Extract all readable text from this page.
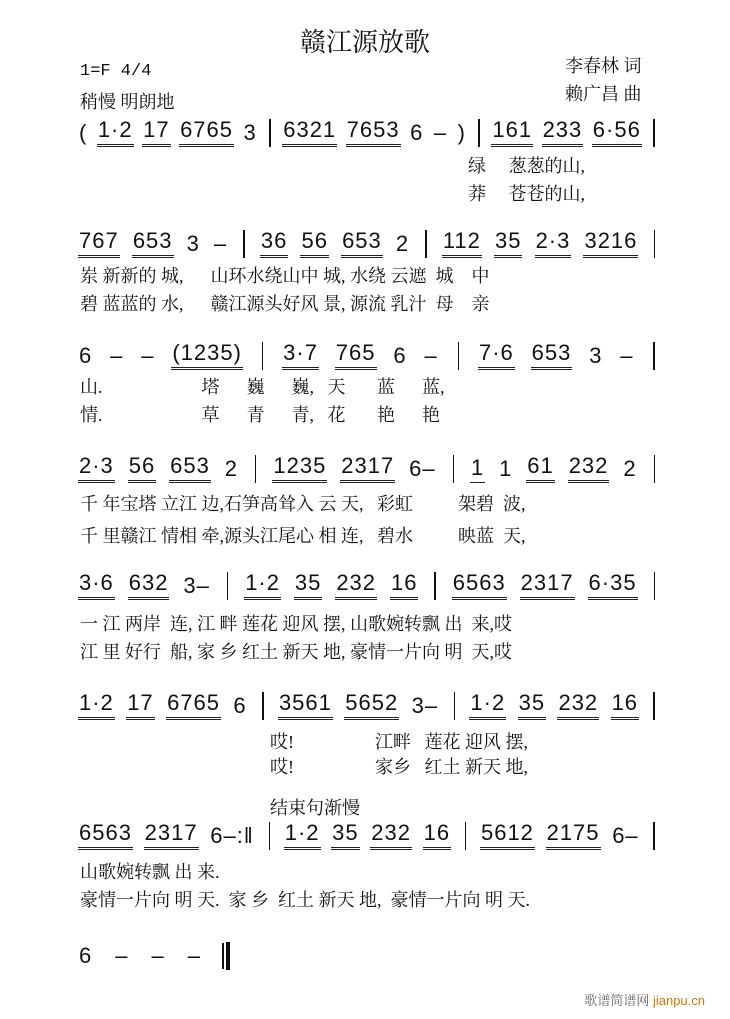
赣江源放歌
1=F 4/4
稍慢 明朗地
李春林 词
赖广昌 曲
( 1·2 17 6765 3 6321 7653 6 – ) 161 233 6·56
绿     葱葱的山,
莽     苍苍的山,
767 653 3 – 36 56 653 2 112 35 2·3 3216
岽 新新的 城,      山环水绕山中 城, 水绕 云遮  城    中
碧 蓝蓝的 水,      赣江源头好风 景, 源流 乳汁  母    亲
6 – – (1235) 3·7 765 6 – 7·6 653 3 –
山.                      塔      巍      巍,   天       蓝      蓝,
情.                      草      青      青,   花       艳      艳
2·3 56 653 2 1235 2317 6– 1 1 61 232 2
千 年宝塔 立江 边,石笋高耸入 云 天,   彩虹          架碧  波,
千 里赣江 情相 牵,源头江尾心 相 连,   碧水          映蓝  天,
3·6 632 3– 1·2 35 232 16 6563 2317 6·35
一 江 两岸  连, 江 畔 莲花 迎风 摆, 山歌婉转飘 出  来,哎
江 里 好行  船, 家 乡 红土 新天 地, 豪情一片向 明  天,哎
1·2 17 6765 6 3561 5652 3– 1·2 35 232 16
哎!                  江畔   莲花 迎风 摆,
哎!                  家乡   红土 新天 地,
结束句渐慢
6563 2317 6–:‖ 1·2 35 232 16 5612 2175 6–
山歌婉转飘 出 来.
豪情一片向 明 天.  家 乡  红土 新天 地,  豪情一片向 明 天.
6 – – –
歌谱简谱网 jianpu.cn
